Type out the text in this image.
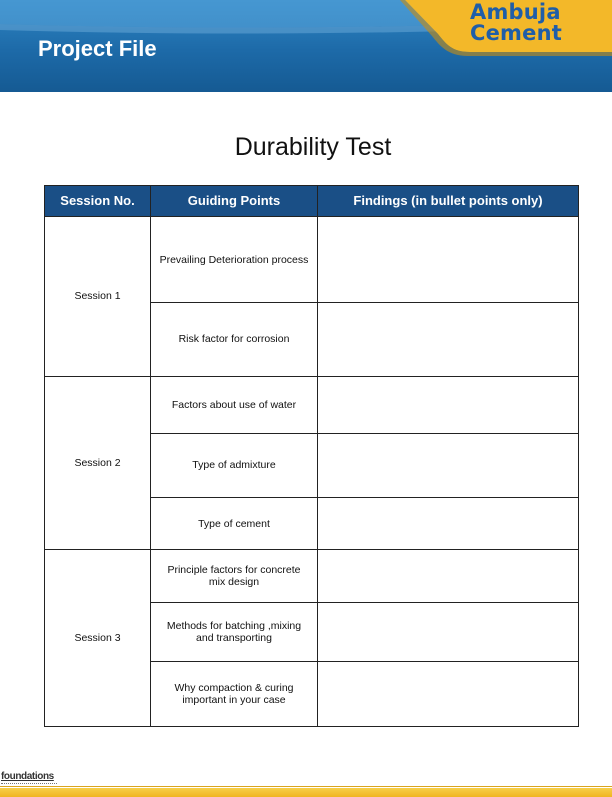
Project File
Ambuja
Cement
Durability Test
Session No.	Guiding Points	Findings (in bullet points only)
Session 1	Prevailing Deterioration process	
	Risk factor for corrosion	
Session 2	Factors about use of water	
	Type of admixture	
	Type of cement	
Session 3	Principle factors for concrete mix design	
	Methods for batching ,mixing and transporting	
	Why compaction & curing important in your case	
foundations
